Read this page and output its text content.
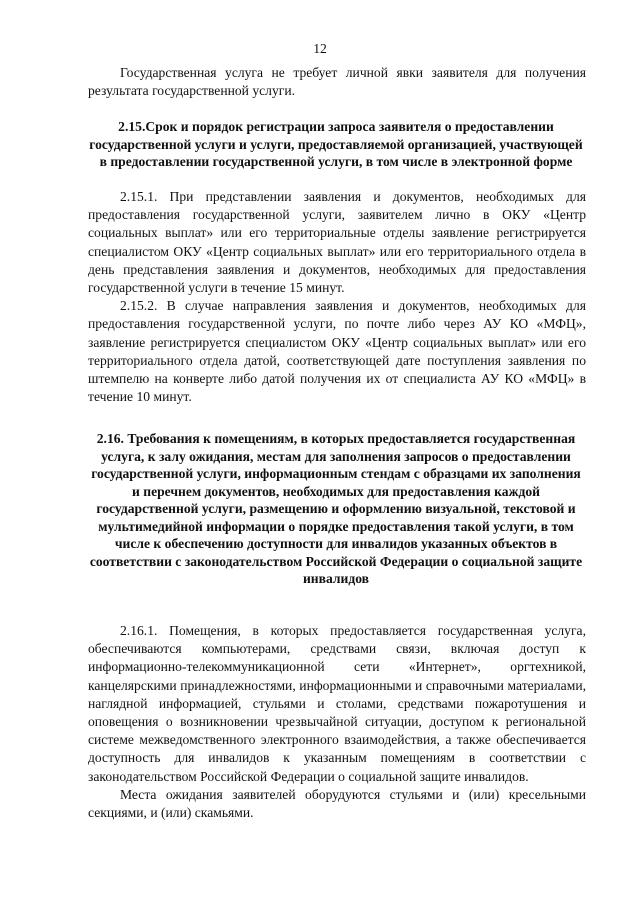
12

Государственная услуга не требует личной явки заявителя для получения результата государственной услуги.

2.15.Срок и порядок регистрации запроса заявителя о предоставлении государственной услуги и услуги, предоставляемой организацией, участвующей в предоставлении государственной услуги, в том числе в электронной форме

2.15.1. При представлении заявления и документов, необходимых для предоставления государственной услуги, заявителем лично в ОКУ «Центр социальных выплат» или его территориальные отделы заявление регистрируется специалистом ОКУ «Центр социальных выплат» или его территориального отдела в день представления заявления и документов, необходимых для предоставления государственной услуги в течение 15 минут.

2.15.2. В случае направления заявления и документов, необходимых для предоставления государственной услуги, по почте либо через АУ КО «МФЦ», заявление регистрируется специалистом ОКУ «Центр социальных выплат» или его территориального отдела датой, соответствующей дате поступления заявления по штемпелю на конверте либо датой получения их от специалиста АУ КО «МФЦ» в течение 10 минут.

2.16. Требования к помещениям, в которых предоставляется государственная услуга, к залу ожидания, местам для заполнения запросов о предоставлении государственной услуги, информационным стендам с образцами их заполнения и перечнем документов, необходимых для предоставления каждой государственной услуги, размещению и оформлению визуальной, текстовой и мультимедийной информации о порядке предоставления такой услуги, в том числе к обеспечению доступности для инвалидов указанных объектов в соответствии с законодательством Российской Федерации о социальной защите инвалидов

2.16.1. Помещения, в которых предоставляется государственная услуга, обеспечиваются компьютерами, средствами связи, включая доступ к информационно-телекоммуникационной сети «Интернет», оргтехникой, канцелярскими принадлежностями, информационными и справочными материалами, наглядной информацией, стульями и столами, средствами пожаротушения и оповещения о возникновении чрезвычайной ситуации, доступом к региональной системе межведомственного электронного взаимодействия, а также обеспечивается доступность для инвалидов к указанным помещениям в соответствии с законодательством Российской Федерации о социальной защите инвалидов.

Места ожидания заявителей оборудуются стульями и (или) кресельными секциями, и (или) скамьями.
